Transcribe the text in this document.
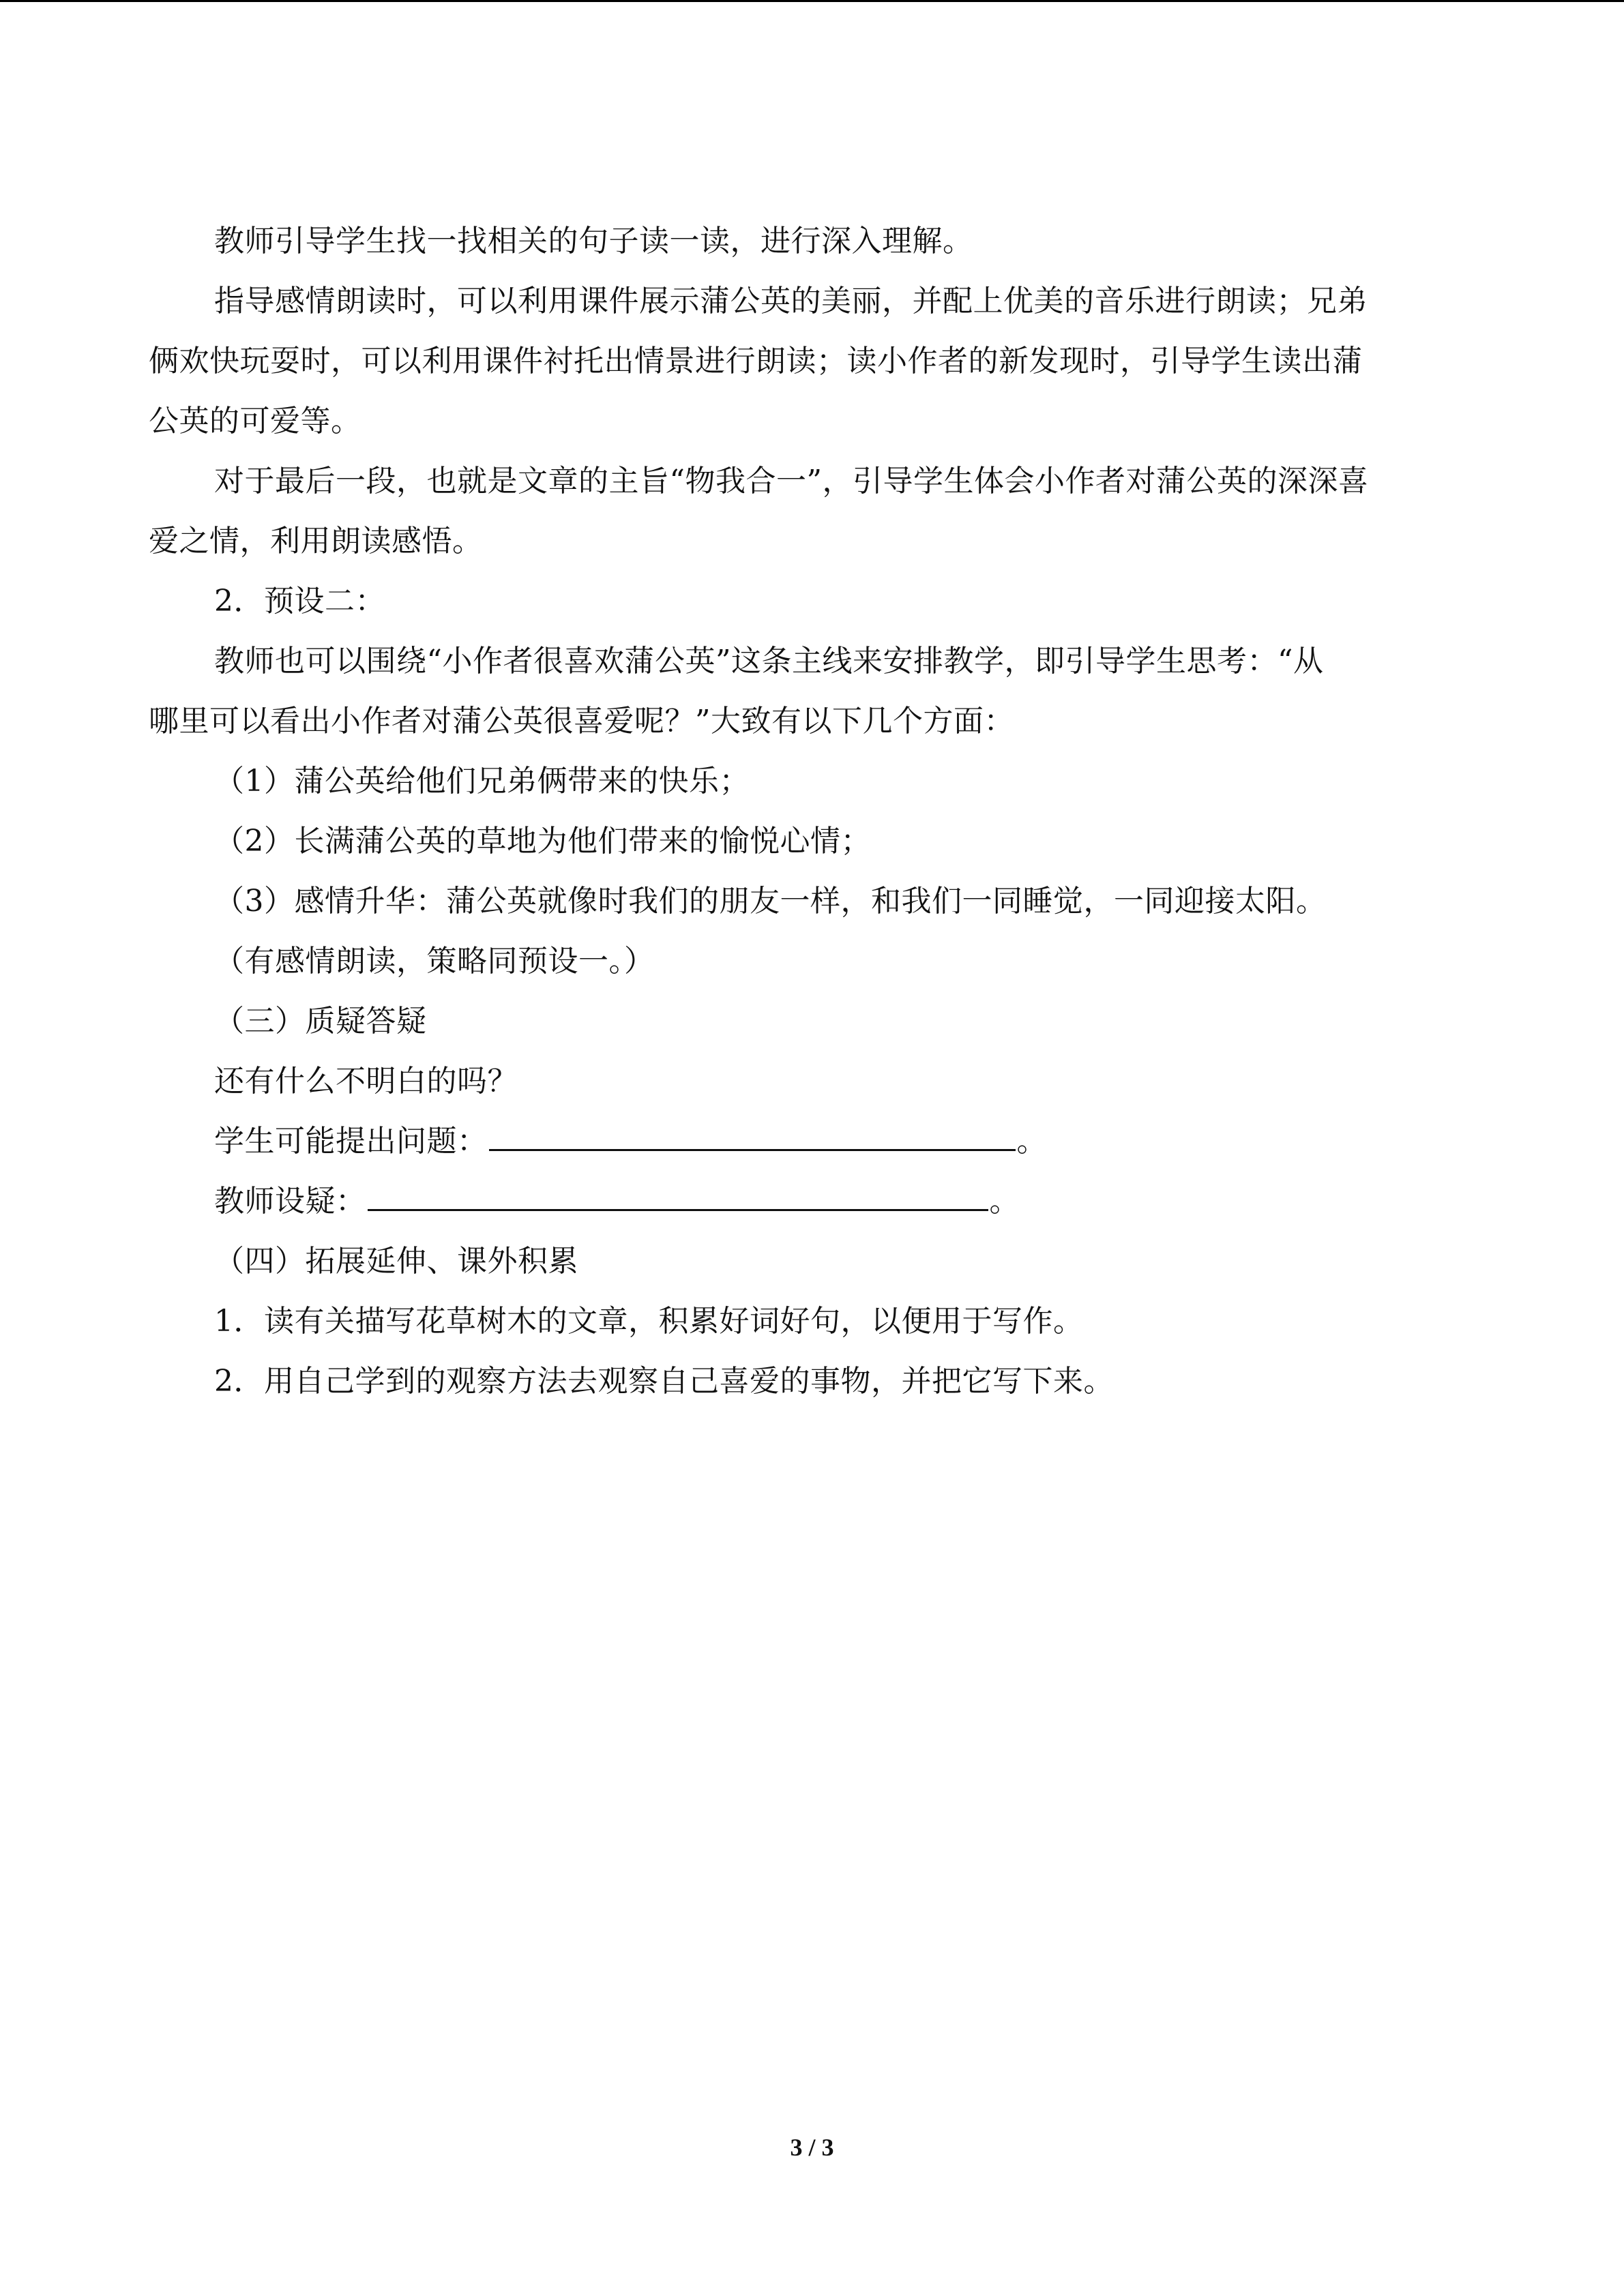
教师引导学生找一找相关的句子读一读，进行深入理解。
指导感情朗读时，可以利用课件展示蒲公英的美丽，并配上优美的音乐进行朗读；兄弟
俩欢快玩耍时，可以利用课件衬托出情景进行朗读；读小作者的新发现时，引导学生读出蒲
公英的可爱等。
对于最后一段，也就是文章的主旨“物我合一”，引导学生体会小作者对蒲公英的深深喜
爱之情，利用朗读感悟。
2．预设二：
教师也可以围绕“小作者很喜欢蒲公英”这条主线来安排教学，即引导学生思考：“从
哪里可以看出小作者对蒲公英很喜爱呢？”大致有以下几个方面：
（1）蒲公英给他们兄弟俩带来的快乐；
（2）长满蒲公英的草地为他们带来的愉悦心情；
（3）感情升华：蒲公英就像时我们的朋友一样，和我们一同睡觉，一同迎接太阳。
（有感情朗读，策略同预设一。）
（三）质疑答疑
还有什么不明白的吗？
学生可能提出问题：	。
教师设疑：	。
（四）拓展延伸、课外积累
1．读有关描写花草树木的文章，积累好词好句，以便用于写作。
2．用自己学到的观察方法去观察自己喜爱的事物，并把它写下来。
3 / 3
